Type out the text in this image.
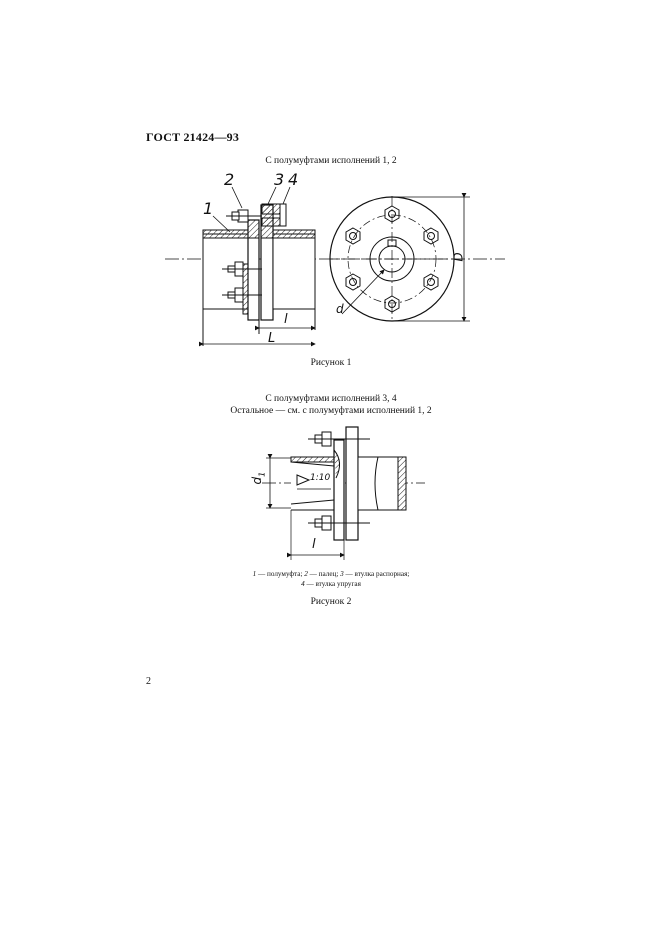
ГОСТ 21424—93
С полумуфтами исполнений 1, 2
1
2 3 4
l
L
D
d
Рисунок 1
С полумуфтами исполнений 3, 4
Остальное — см. с полумуфтами исполнений 1, 2
$d_1$	1:10
l
1 — полумуфта; 2 — палец; 3 — втулка распорная;
4 — втулка упругая
Рисунок 2
2
